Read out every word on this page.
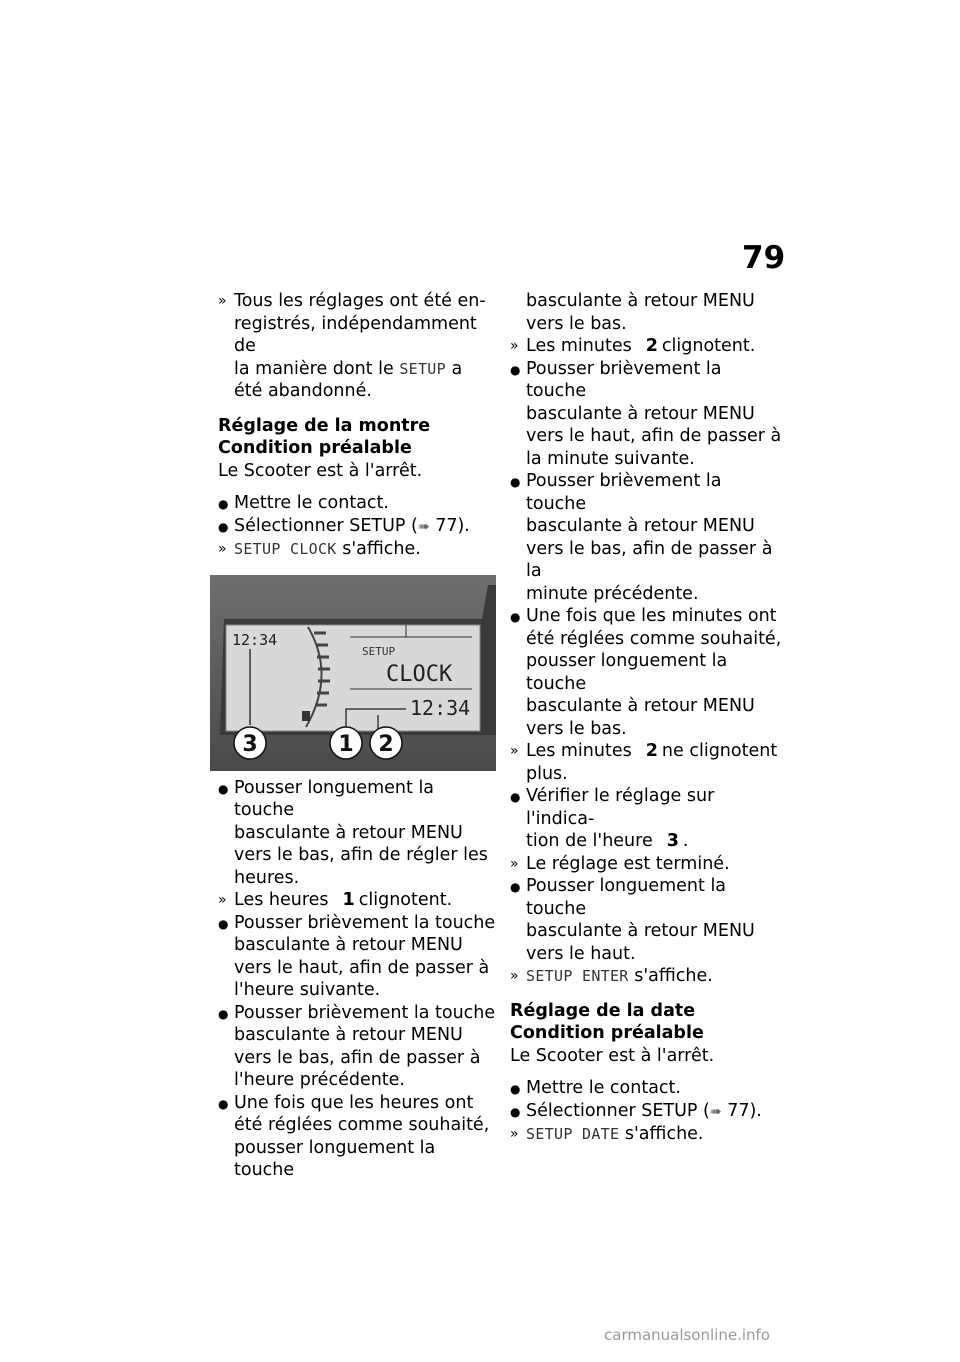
79
» Tous les réglages ont été en-
registrés, indépendamment de
la manière dont le SETUP a
été abandonné.
Réglage de la montre
Condition préalable
Le Scooter est à l'arrêt.
● Mettre le contact.
● Sélectionner SETUP (➠ 77).
» SETUP CLOCK s'affiche.
12:34
SETUP
CLOCK
12:34
3	1 2
● Pousser longuement la touche
basculante à retour MENU
vers le bas, afin de régler les
heures.
» Les heures 1 clignotent.
● Pousser brièvement la touche
basculante à retour MENU
vers le haut, afin de passer à
l'heure suivante.
● Pousser brièvement la touche
basculante à retour MENU
vers le bas, afin de passer à
l'heure précédente.
● Une fois que les heures ont
été réglées comme souhaité,
pousser longuement la touche
basculante à retour MENU
vers le bas.
» Les minutes 2 clignotent.
● Pousser brièvement la touche
basculante à retour MENU
vers le haut, afin de passer à
la minute suivante.
● Pousser brièvement la touche
basculante à retour MENU
vers le bas, afin de passer à la
minute précédente.
● Une fois que les minutes ont
été réglées comme souhaité,
pousser longuement la touche
basculante à retour MENU
vers le bas.
» Les minutes 2 ne clignotent
plus.
● Vérifier le réglage sur l'indica-
tion de l'heure 3 .
» Le réglage est terminé.
● Pousser longuement la touche
basculante à retour MENU
vers le haut.
» SETUP ENTER s'affiche.
Réglage de la date
Condition préalable
Le Scooter est à l'arrêt.
● Mettre le contact.
● Sélectionner SETUP (➠ 77).
» SETUP DATE s'affiche.
carmanualsonline.info
